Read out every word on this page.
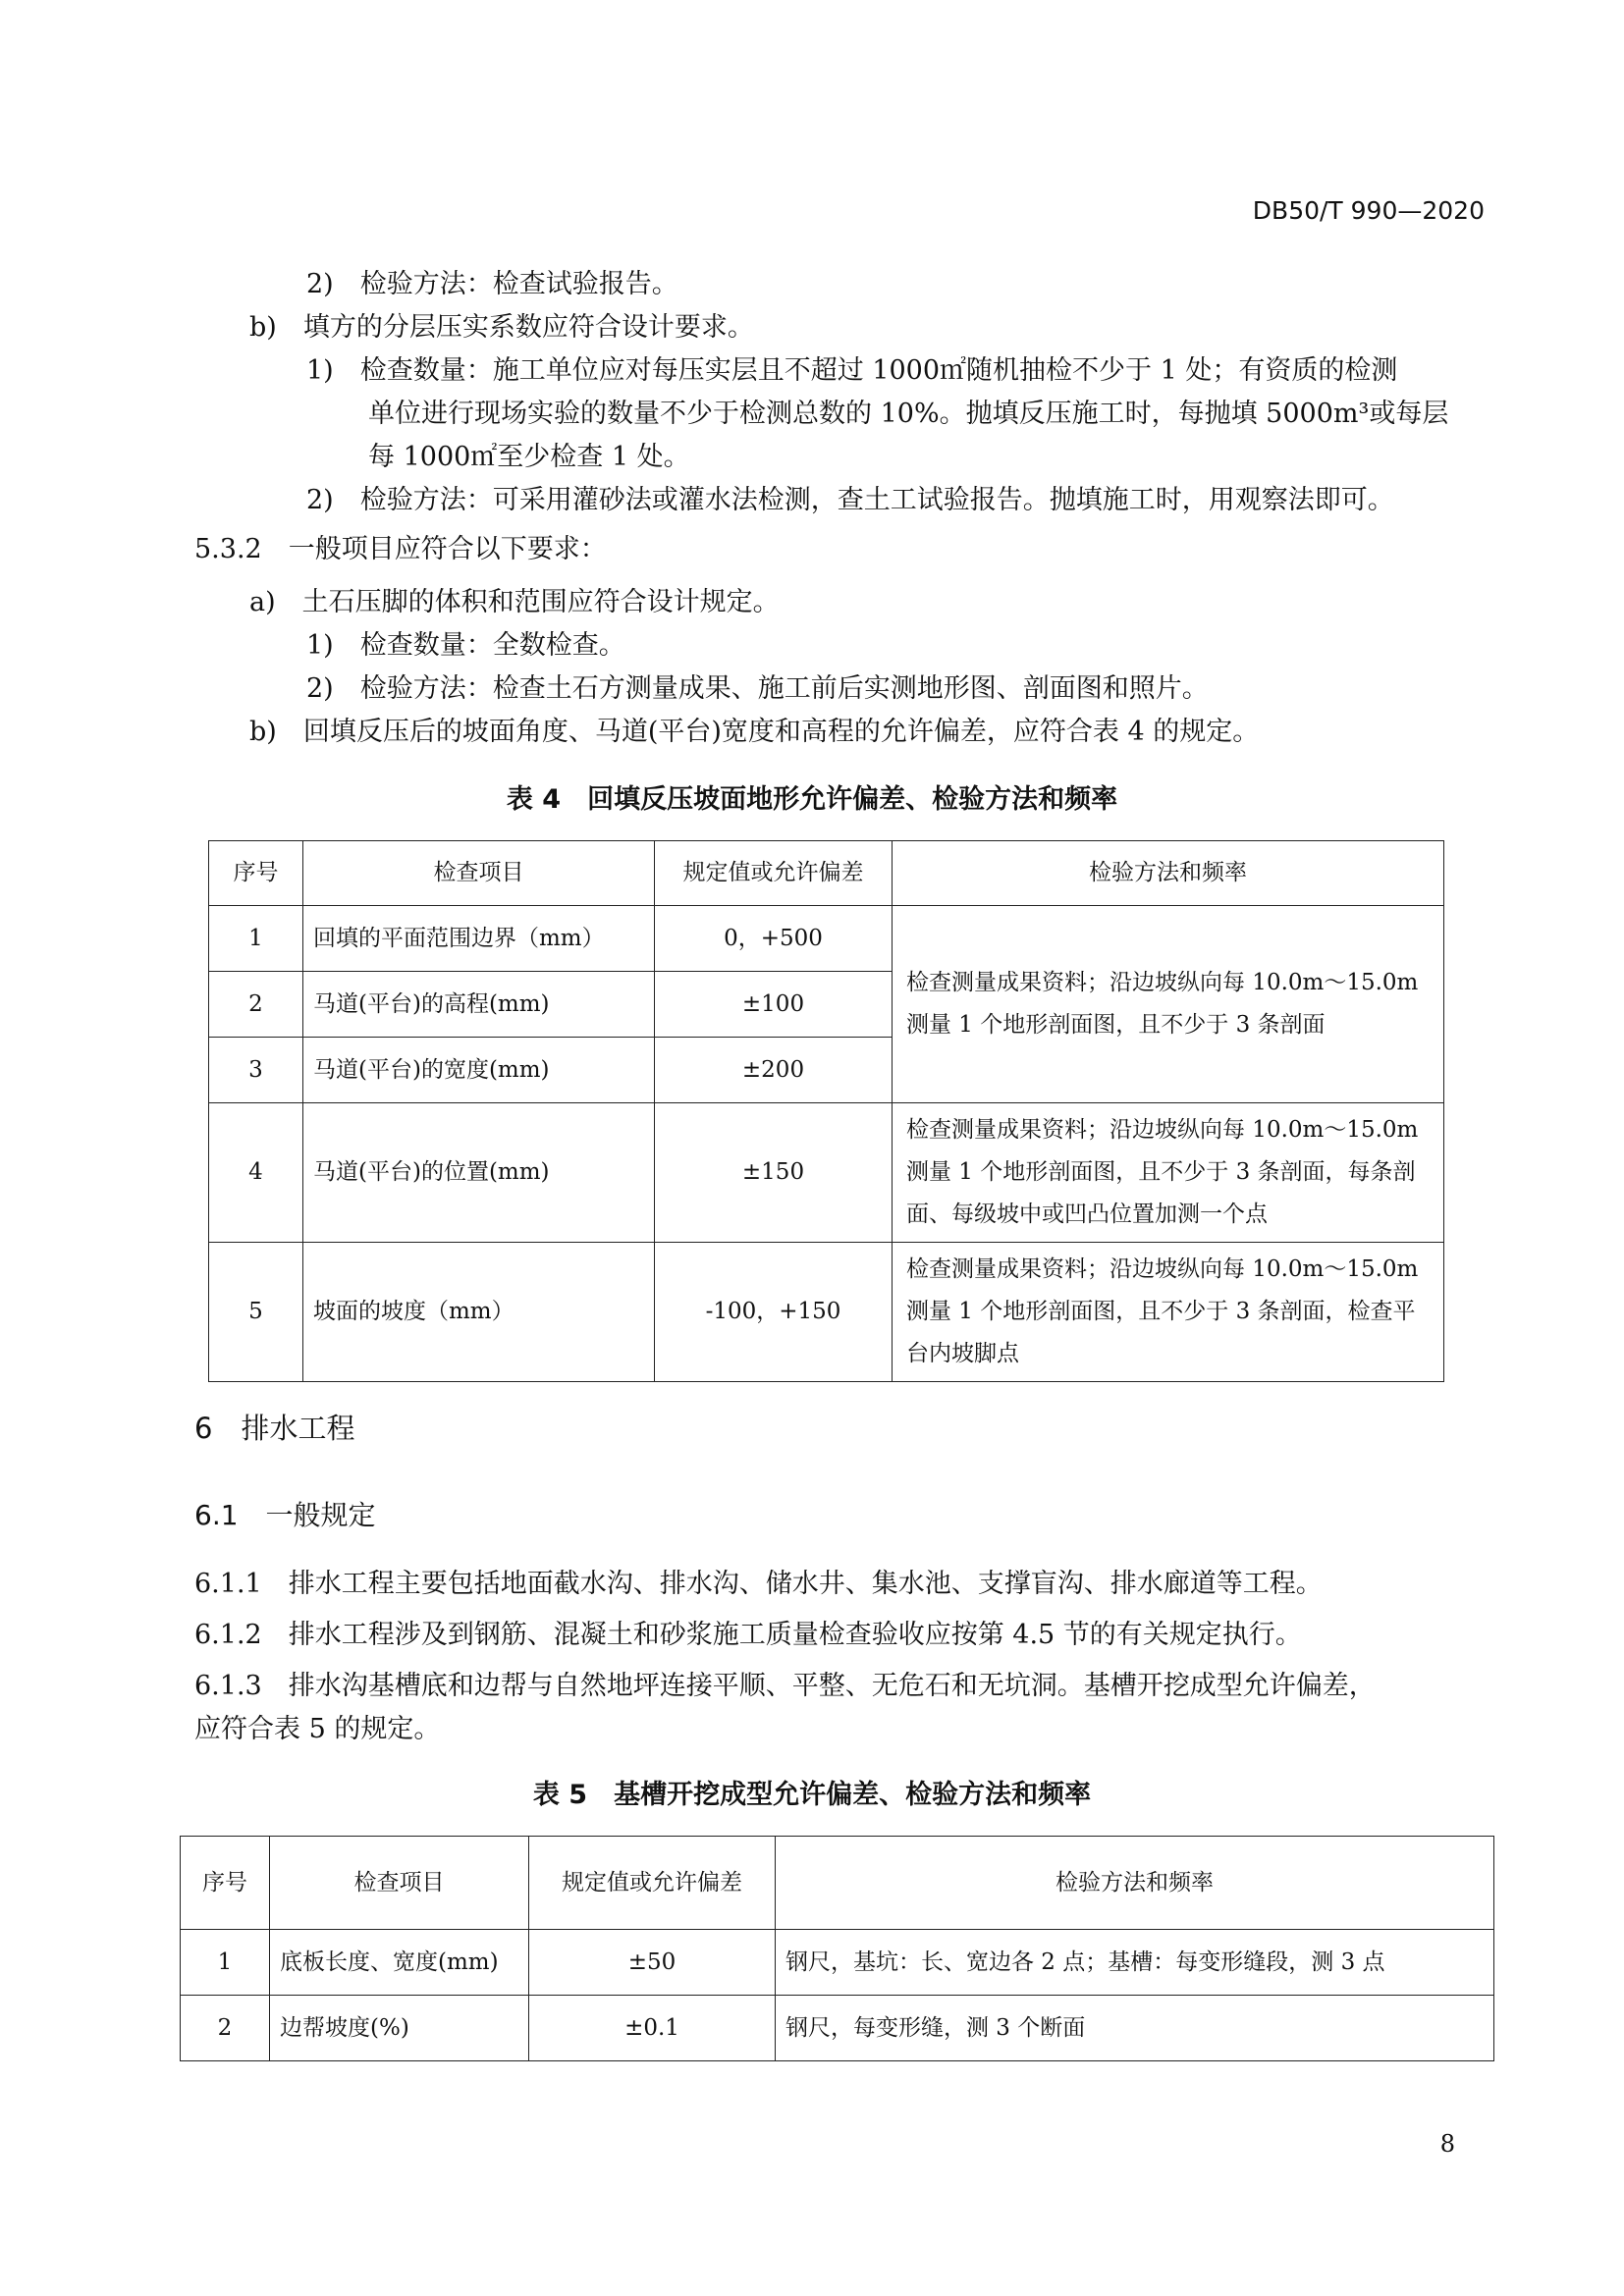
DB50/T 990—2020
2)　检验方法：检查试验报告。
b)　填方的分层压实系数应符合设计要求。
1)　检查数量：施工单位应对每压实层且不超过 1000㎡随机抽检不少于 1 处；有资质的检测
单位进行现场实验的数量不少于检测总数的 10%。抛填反压施工时，每抛填 5000m³或每层
每 1000㎡至少检查 1 处。
2)　检验方法：可采用灌砂法或灌水法检测，查土工试验报告。抛填施工时，用观察法即可。
5.3.2　一般项目应符合以下要求：
a)　土石压脚的体积和范围应符合设计规定。
1)　检查数量：全数检查。
2)　检验方法：检查土石方测量成果、施工前后实测地形图、剖面图和照片。
b)　回填反压后的坡面角度、马道(平台)宽度和高程的允许偏差，应符合表 4 的规定。
表 4　回填反压坡面地形允许偏差、检验方法和频率
序号	检查项目	规定值或允许偏差	检验方法和频率
1	回填的平面范围边界（mm）	0，+500	检查测量成果资料；沿边坡纵向每 10.0m～15.0m 测量 1 个地形剖面图，且不少于 3 条剖面
2	马道(平台)的高程(mm)	±100	
3	马道(平台)的宽度(mm)	±200	
4	马道(平台)的位置(mm)	±150	检查测量成果资料；沿边坡纵向每 10.0m～15.0m 测量 1 个地形剖面图，且不少于 3 条剖面，每条剖面、每级坡中或凹凸位置加测一个点
5	坡面的坡度（mm）	-100，+150	检查测量成果资料；沿边坡纵向每 10.0m～15.0m 测量 1 个地形剖面图，且不少于 3 条剖面，检查平台内坡脚点
6　排水工程
6.1　一般规定
6.1.1　排水工程主要包括地面截水沟、排水沟、储水井、集水池、支撑盲沟、排水廊道等工程。
6.1.2　排水工程涉及到钢筋、混凝土和砂浆施工质量检查验收应按第 4.5 节的有关规定执行。
6.1.3　排水沟基槽底和边帮与自然地坪连接平顺、平整、无危石和无坑洞。基槽开挖成型允许偏差，
应符合表 5 的规定。
表 5　基槽开挖成型允许偏差、检验方法和频率
序号	检查项目	规定值或允许偏差	检验方法和频率
1	底板长度、宽度(mm)	±50	钢尺，基坑：长、宽边各 2 点；基槽：每变形缝段，测 3 点
2	边帮坡度(%)	±0.1	钢尺，每变形缝，测 3 个断面
8
